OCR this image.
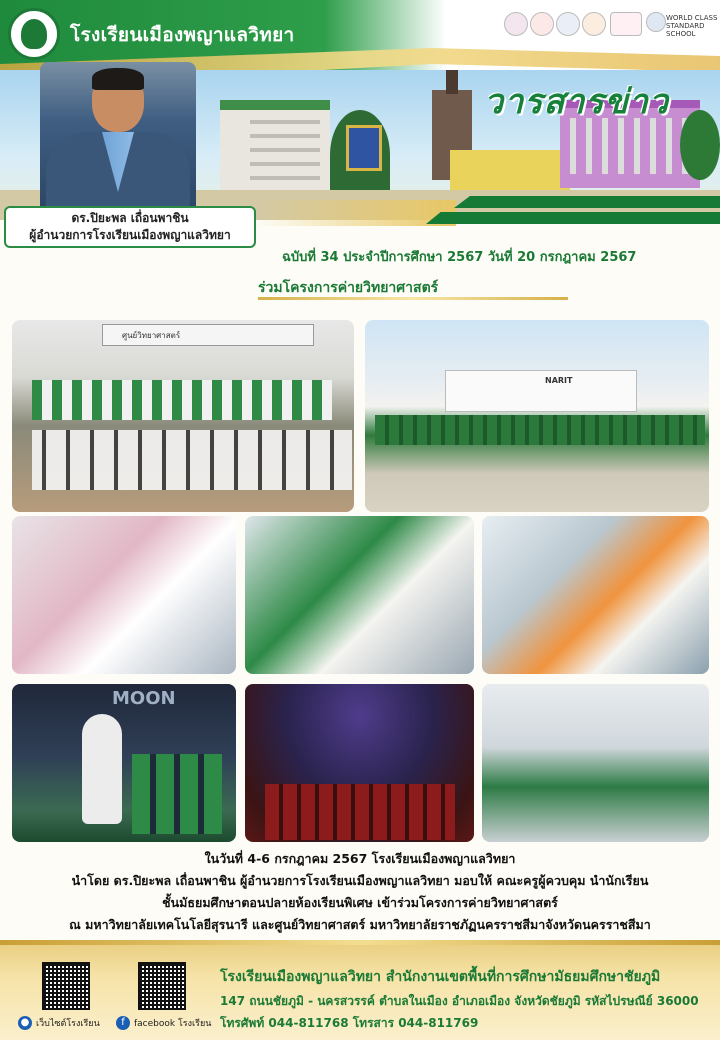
โรงเรียนเมืองพญาแลวิทยา
WORLD CLASS STANDARD SCHOOL
วารสารข่าว
ดร.ปิยะพล เถื่อนพาชิน
ผู้อำนวยการโรงเรียนเมืองพญาแลวิทยา
ฉบับที่ 34 ประจำปีการศึกษา 2567 วันที่ 20 กรกฎาคม 2567
ร่วมโครงการค่ายวิทยาศาสตร์
ศูนย์วิทยาศาสตร์
NARIT
MOON
ในวันที่ 4-6 กรกฎาคม 2567 โรงเรียนเมืองพญาแลวิทยา
นำโดย ดร.ปิยะพล เถื่อนพาชิน ผู้อำนวยการโรงเรียนเมืองพญาแลวิทยา มอบให้ คณะครูผู้ควบคุม นำนักเรียน
ชั้นมัธยมศึกษาตอนปลายห้องเรียนพิเศษ เข้าร่วมโครงการค่ายวิทยาศาสตร์
ณ มหาวิทยาลัยเทคโนโลยีสุรนารี และศูนย์วิทยาศาสตร์ มหาวิทยาลัยราชภัฏนครราชสีมาจังหวัดนครราชสีมา
● เว็บไซต์โรงเรียน	f	facebook โรงเรียน
โรงเรียนเมืองพญาแลวิทยา สำนักงานเขตพื้นที่การศึกษามัธยมศึกษาชัยภูมิ
147 ถนนชัยภูมิ - นครสวรรค์ ตำบลในเมือง อำเภอเมือง จังหวัดชัยภูมิ รหัสไปรษณีย์ 36000
โทรศัพท์ 044-811768 โทรสาร 044-811769
